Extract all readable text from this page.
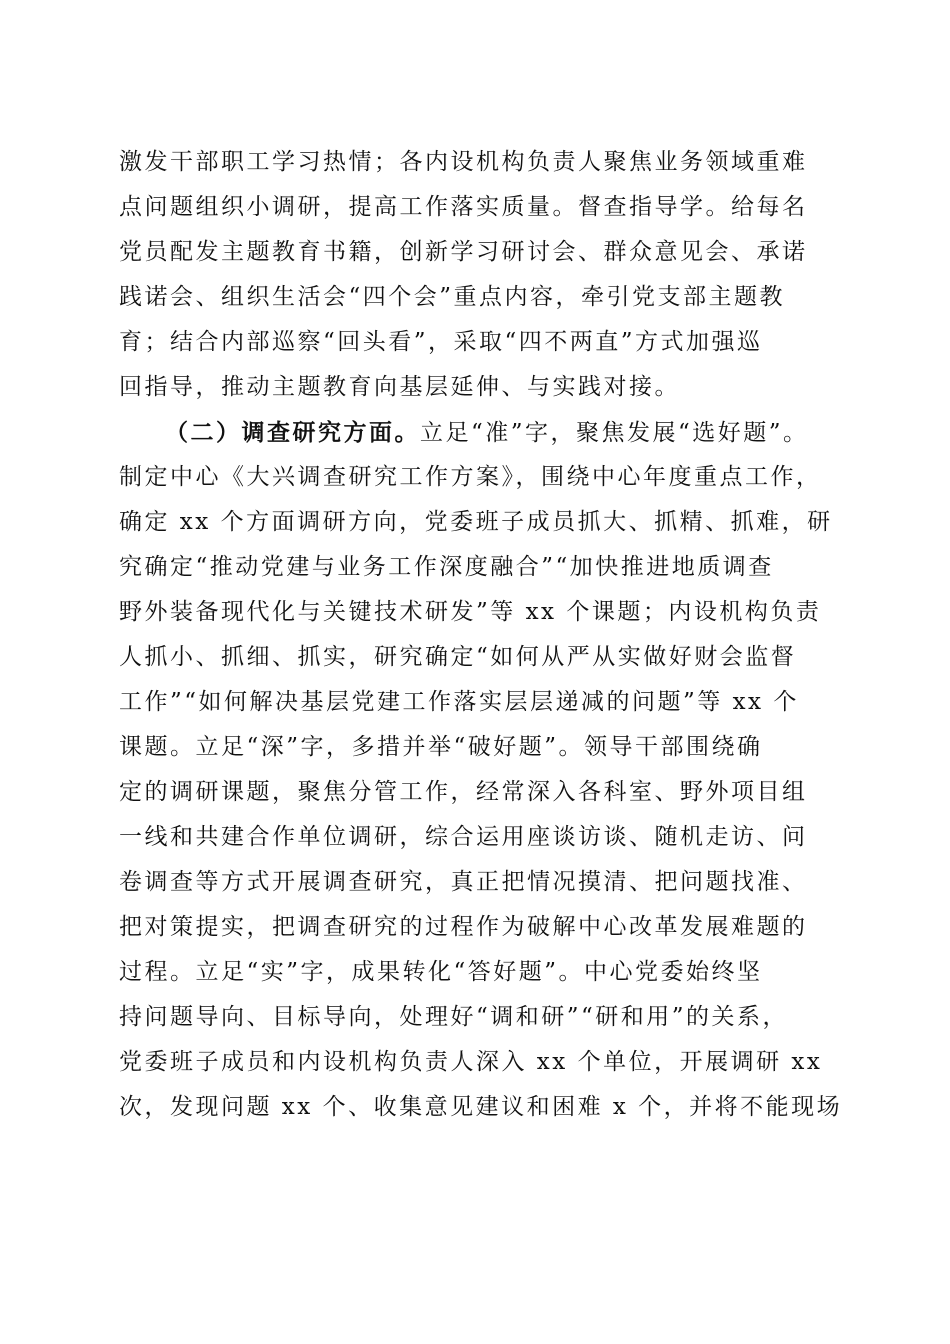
激发干部职工学习热情；各内设机构负责人聚焦业务领域重难
点问题组织小调研，提高工作落实质量。督查指导学。给每名
党员配发主题教育书籍，创新学习研讨会、群众意见会、承诺
践诺会、组织生活会“四个会”重点内容，牵引党支部主题教
育；结合内部巡察“回头看”，采取“四不两直”方式加强巡
回指导，推动主题教育向基层延伸、与实践对接。
（二）调查研究方面。立足“准”字，聚焦发展“选好题”。
制定中心《大兴调查研究工作方案》，围绕中心年度重点工作，
确定 xx 个方面调研方向，党委班子成员抓大、抓精、抓难，研
究确定“推动党建与业务工作深度融合”“加快推进地质调查
野外装备现代化与关键技术研发”等 xx 个课题；内设机构负责
人抓小、抓细、抓实，研究确定“如何从严从实做好财会监督
工作”“如何解决基层党建工作落实层层递减的问题”等 xx 个
课题。立足“深”字，多措并举“破好题”。领导干部围绕确
定的调研课题，聚焦分管工作，经常深入各科室、野外项目组
一线和共建合作单位调研，综合运用座谈访谈、随机走访、问
卷调查等方式开展调查研究，真正把情况摸清、把问题找准、
把对策提实，把调查研究的过程作为破解中心改革发展难题的
过程。立足“实”字，成果转化“答好题”。中心党委始终坚
持问题导向、目标导向，处理好“调和研”“研和用”的关系，
党委班子成员和内设机构负责人深入 xx 个单位，开展调研 xx
次，发现问题 xx 个、收集意见建议和困难 x 个，并将不能现场
